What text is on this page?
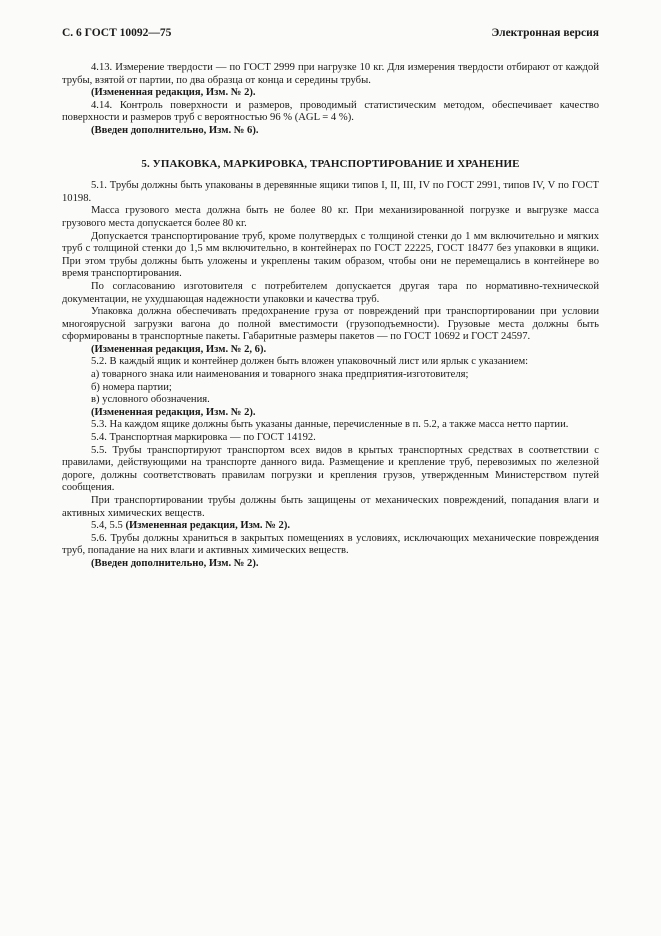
С. 6 ГОСТ 10092—75	Электронная версия

4.13. Измерение твердости — по ГОСТ 2999 при нагрузке 10 кг. Для измерения твердости отбирают от каждой трубы, взятой от партии, по два образца от конца и середины трубы.

(Измененная редакция, Изм. № 2).

4.14. Контроль поверхности и размеров, проводимый статистическим методом, обеспечивает качество поверхности и размеров труб с вероятностью 96 % (AGL = 4 %).

(Введен дополнительно, Изм. № 6).

5. УПАКОВКА, МАРКИРОВКА, ТРАНСПОРТИРОВАНИЕ И ХРАНЕНИЕ

5.1. Трубы должны быть упакованы в деревянные ящики типов I, II, III, IV по ГОСТ 2991, типов IV, V по ГОСТ 10198.

Масса грузового места должна быть не более 80 кг. При механизированной погрузке и выгрузке масса грузового места допускается более 80 кг.

Допускается транспортирование труб, кроме полутвердых с толщиной стенки до 1 мм включительно и мягких труб с толщиной стенки до 1,5 мм включительно, в контейнерах по ГОСТ 22225, ГОСТ 18477 без упаковки в ящики. При этом трубы должны быть уложены и укреплены таким образом, чтобы они не перемещались в контейнере во время транспортирования.

По согласованию изготовителя с потребителем допускается другая тара по нормативно-технической документации, не ухудшающая надежности упаковки и качества труб.

Упаковка должна обеспечивать предохранение груза от повреждений при транспортировании при условии многоярусной загрузки вагона до полной вместимости (грузоподъемности). Грузовые места должны быть сформированы в транспортные пакеты. Габаритные размеры пакетов — по ГОСТ 10692 и ГОСТ 24597.

(Измененная редакция, Изм. № 2, 6).

5.2. В каждый ящик и контейнер должен быть вложен упаковочный лист или ярлык с указанием:

а) товарного знака или наименования и товарного знака предприятия-изготовителя;

б) номера партии;

в) условного обозначения.

(Измененная редакция, Изм. № 2).

5.3. На каждом ящике должны быть указаны данные, перечисленные в п. 5.2, а также масса нетто партии.

5.4. Транспортная маркировка — по ГОСТ 14192.

5.5. Трубы транспортируют транспортом всех видов в крытых транспортных средствах в соответствии с правилами, действующими на транспорте данного вида. Размещение и крепление труб, перевозимых по железной дороге, должны соответствовать правилам погрузки и крепления грузов, утвержденным Министерством путей сообщения.

При транспортировании трубы должны быть защищены от механических повреждений, попадания влаги и активных химических веществ.

5.4, 5.5 (Измененная редакция, Изм. № 2).

5.6. Трубы должны храниться в закрытых помещениях в условиях, исключающих механические повреждения труб, попадание на них влаги и активных химических веществ.

(Введен дополнительно, Изм. № 2).
